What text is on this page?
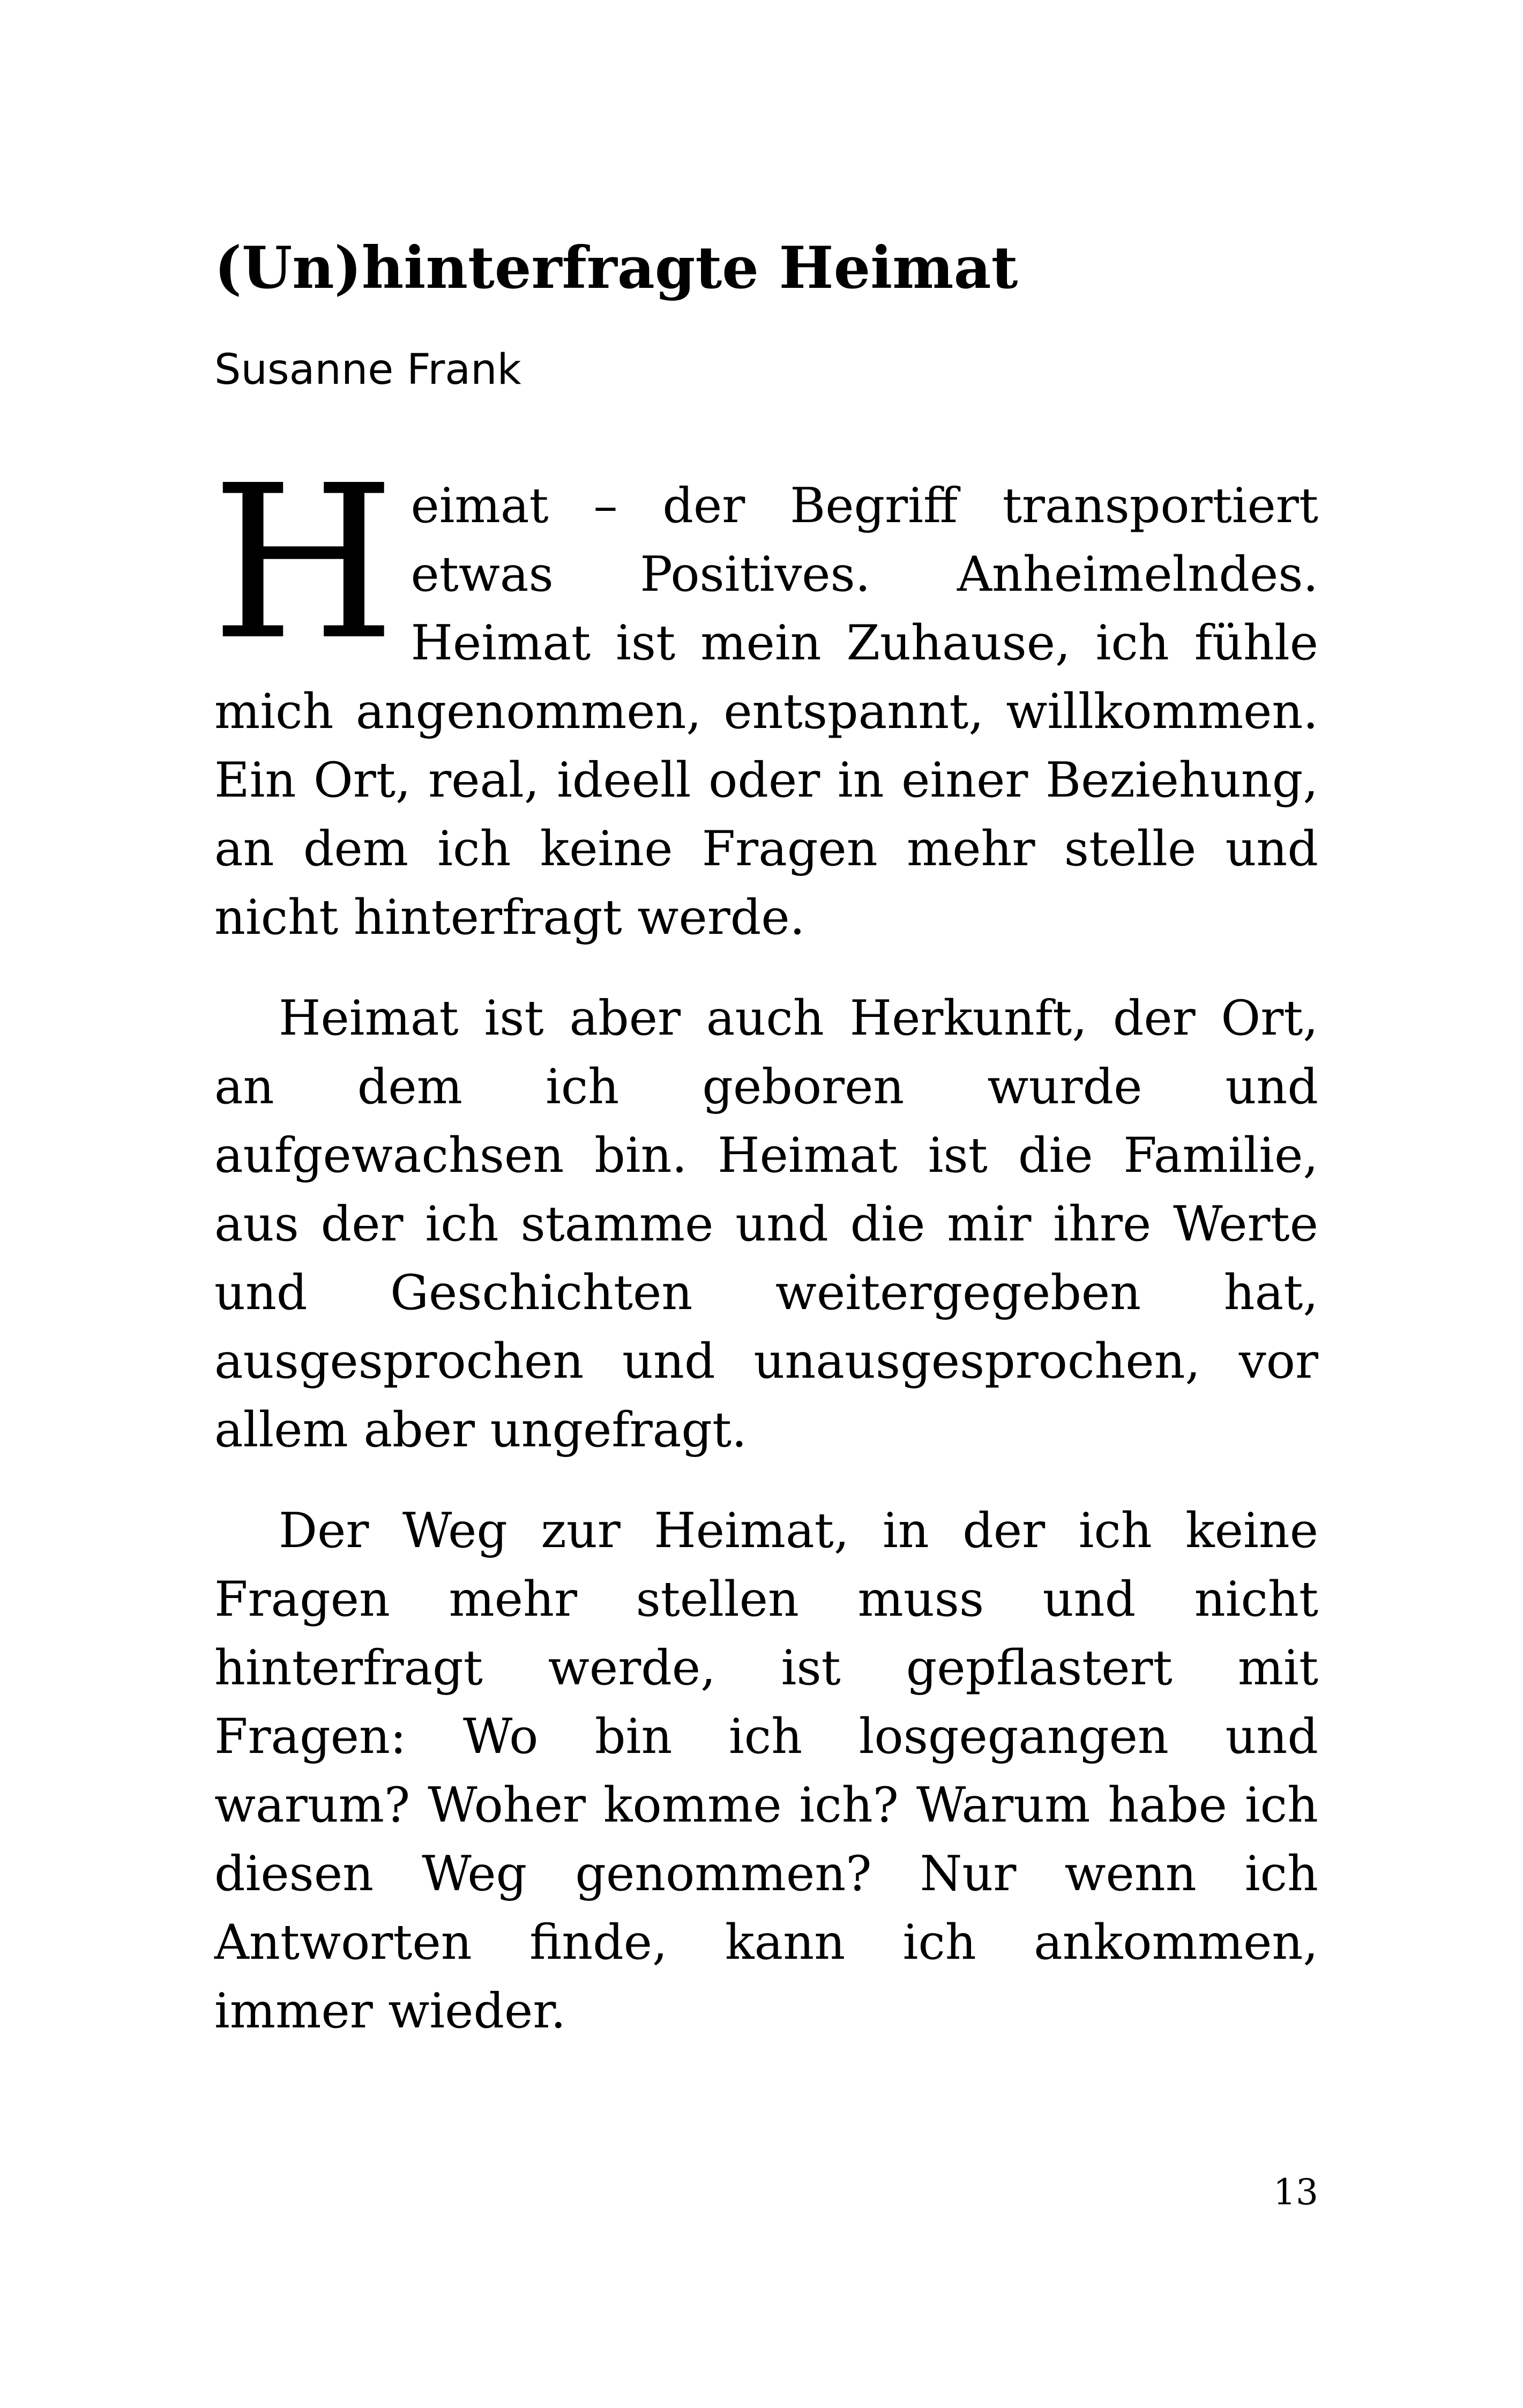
(Un)hinterfragte Heimat
Susanne Frank

Heimat – der Begriff transportiert etwas Positives. Anheimelndes. Heimat ist mein Zuhause, ich fühle mich angenommen, entspannt, willkommen. Ein Ort, real, ideell oder in einer Beziehung, an dem ich keine Fragen mehr stelle und nicht hinterfragt werde.

Heimat ist aber auch Herkunft, der Ort, an dem ich geboren wurde und aufgewachsen bin. Heimat ist die Familie, aus der ich stamme und die mir ihre Werte und Geschichten weitergegeben hat, ausgesprochen und unausgesprochen, vor allem aber ungefragt.

Der Weg zur Heimat, in der ich keine Fragen mehr stellen muss und nicht hinterfragt werde, ist gepflastert mit Fragen: Wo bin ich losgegangen und warum? Woher komme ich? Warum habe ich diesen Weg genommen? Nur wenn ich Antworten finde, kann ich ankommen, immer wieder.

13
